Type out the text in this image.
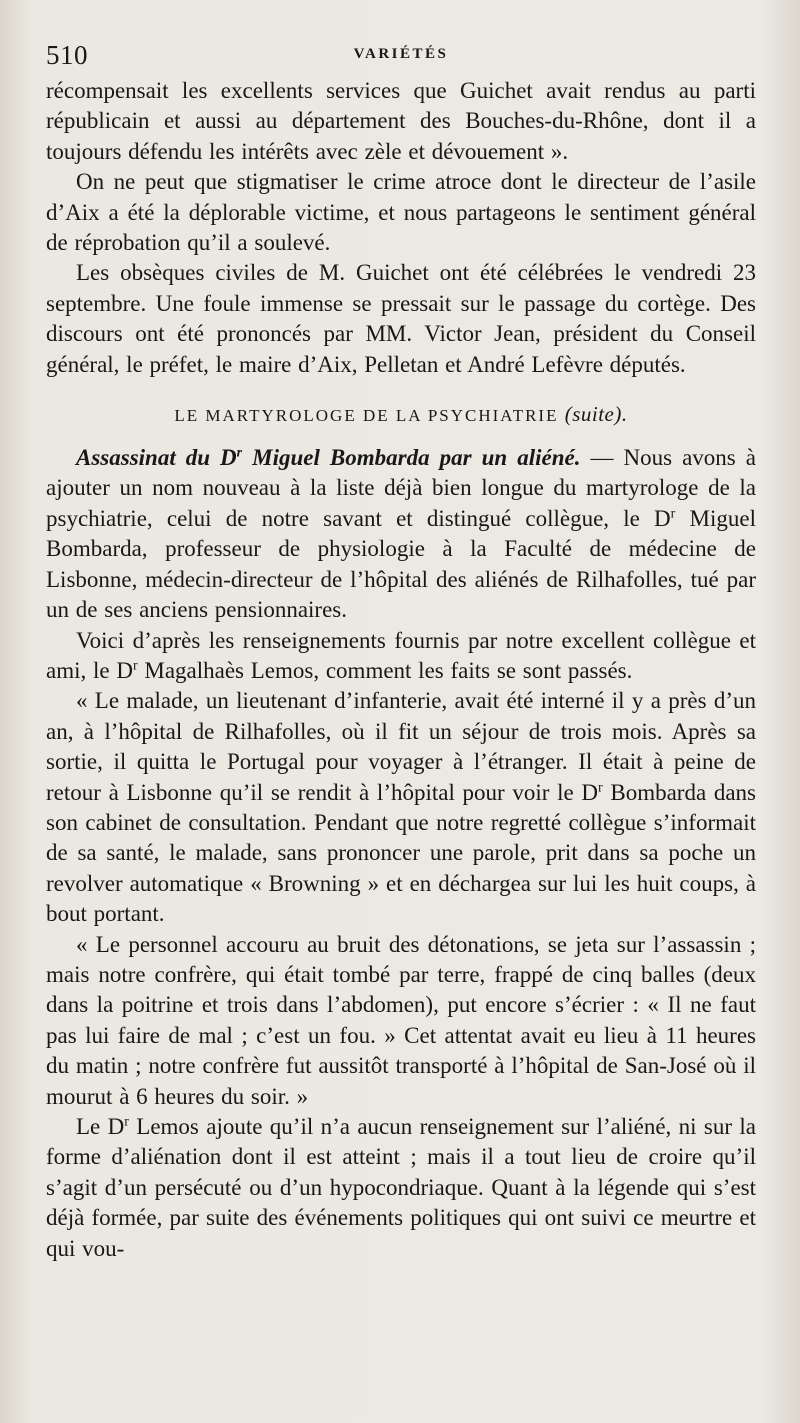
510	VARIÉTÉS

récompensait les excellents services que Guichet avait rendus au parti républicain et aussi au département des Bouches-du-Rhône, dont il a toujours défendu les intérêts avec zèle et dévouement ».

On ne peut que stigmatiser le crime atroce dont le directeur de l’asile d’Aix a été la déplorable victime, et nous partageons le sentiment général de réprobation qu’il a soulevé.

Les obsèques civiles de M. Guichet ont été célébrées le vendredi 23 septembre. Une foule immense se pressait sur le passage du cortège. Des discours ont été prononcés par MM. Victor Jean, président du Conseil général, le préfet, le maire d’Aix, Pelletan et André Lefèvre députés.

LE MARTYROLOGE DE LA PSYCHIATRIE (suite).

Assassinat du $D^r$ Miguel Bombarda par un aliéné. — Nous avons à ajouter un nom nouveau à la liste déjà bien longue du martyrologe de la psychiatrie, celui de notre savant et distingué collègue, le $D^r$ Miguel Bombarda, professeur de physiologie à la Faculté de médecine de Lisbonne, médecin-directeur de l’hôpital des aliénés de Rilhafolles, tué par un de ses anciens pensionnaires.

Voici d’après les renseignements fournis par notre excellent collègue et ami, le $D^r$ Magalhaès Lemos, comment les faits se sont passés.

« Le malade, un lieutenant d’infanterie, avait été interné il y a près d’un an, à l’hôpital de Rilhafolles, où il fit un séjour de trois mois. Après sa sortie, il quitta le Portugal pour voyager à l’étranger. Il était à peine de retour à Lisbonne qu’il se rendit à l’hôpital pour voir le $D^r$ Bombarda dans son cabinet de consultation. Pendant que notre regretté collègue s’informait de sa santé, le malade, sans prononcer une parole, prit dans sa poche un revolver automatique « Browning » et en déchargea sur lui les huit coups, à bout portant.

« Le personnel accouru au bruit des détonations, se jeta sur l’assassin ; mais notre confrère, qui était tombé par terre, frappé de cinq balles (deux dans la poitrine et trois dans l’abdomen), put encore s’écrier : « Il ne faut pas lui faire de mal ; c’est un fou. » Cet attentat avait eu lieu à 11 heures du matin ; notre confrère fut aussitôt transporté à l’hôpital de San-José où il mourut à 6 heures du soir. »

Le $D^r$ Lemos ajoute qu’il n’a aucun renseignement sur l’aliéné, ni sur la forme d’aliénation dont il est atteint ; mais il a tout lieu de croire qu’il s’agit d’un persécuté ou d’un hypocondriaque. Quant à la légende qui s’est déjà formée, par suite des événements politiques qui ont suivi ce meurtre et qui vou-
